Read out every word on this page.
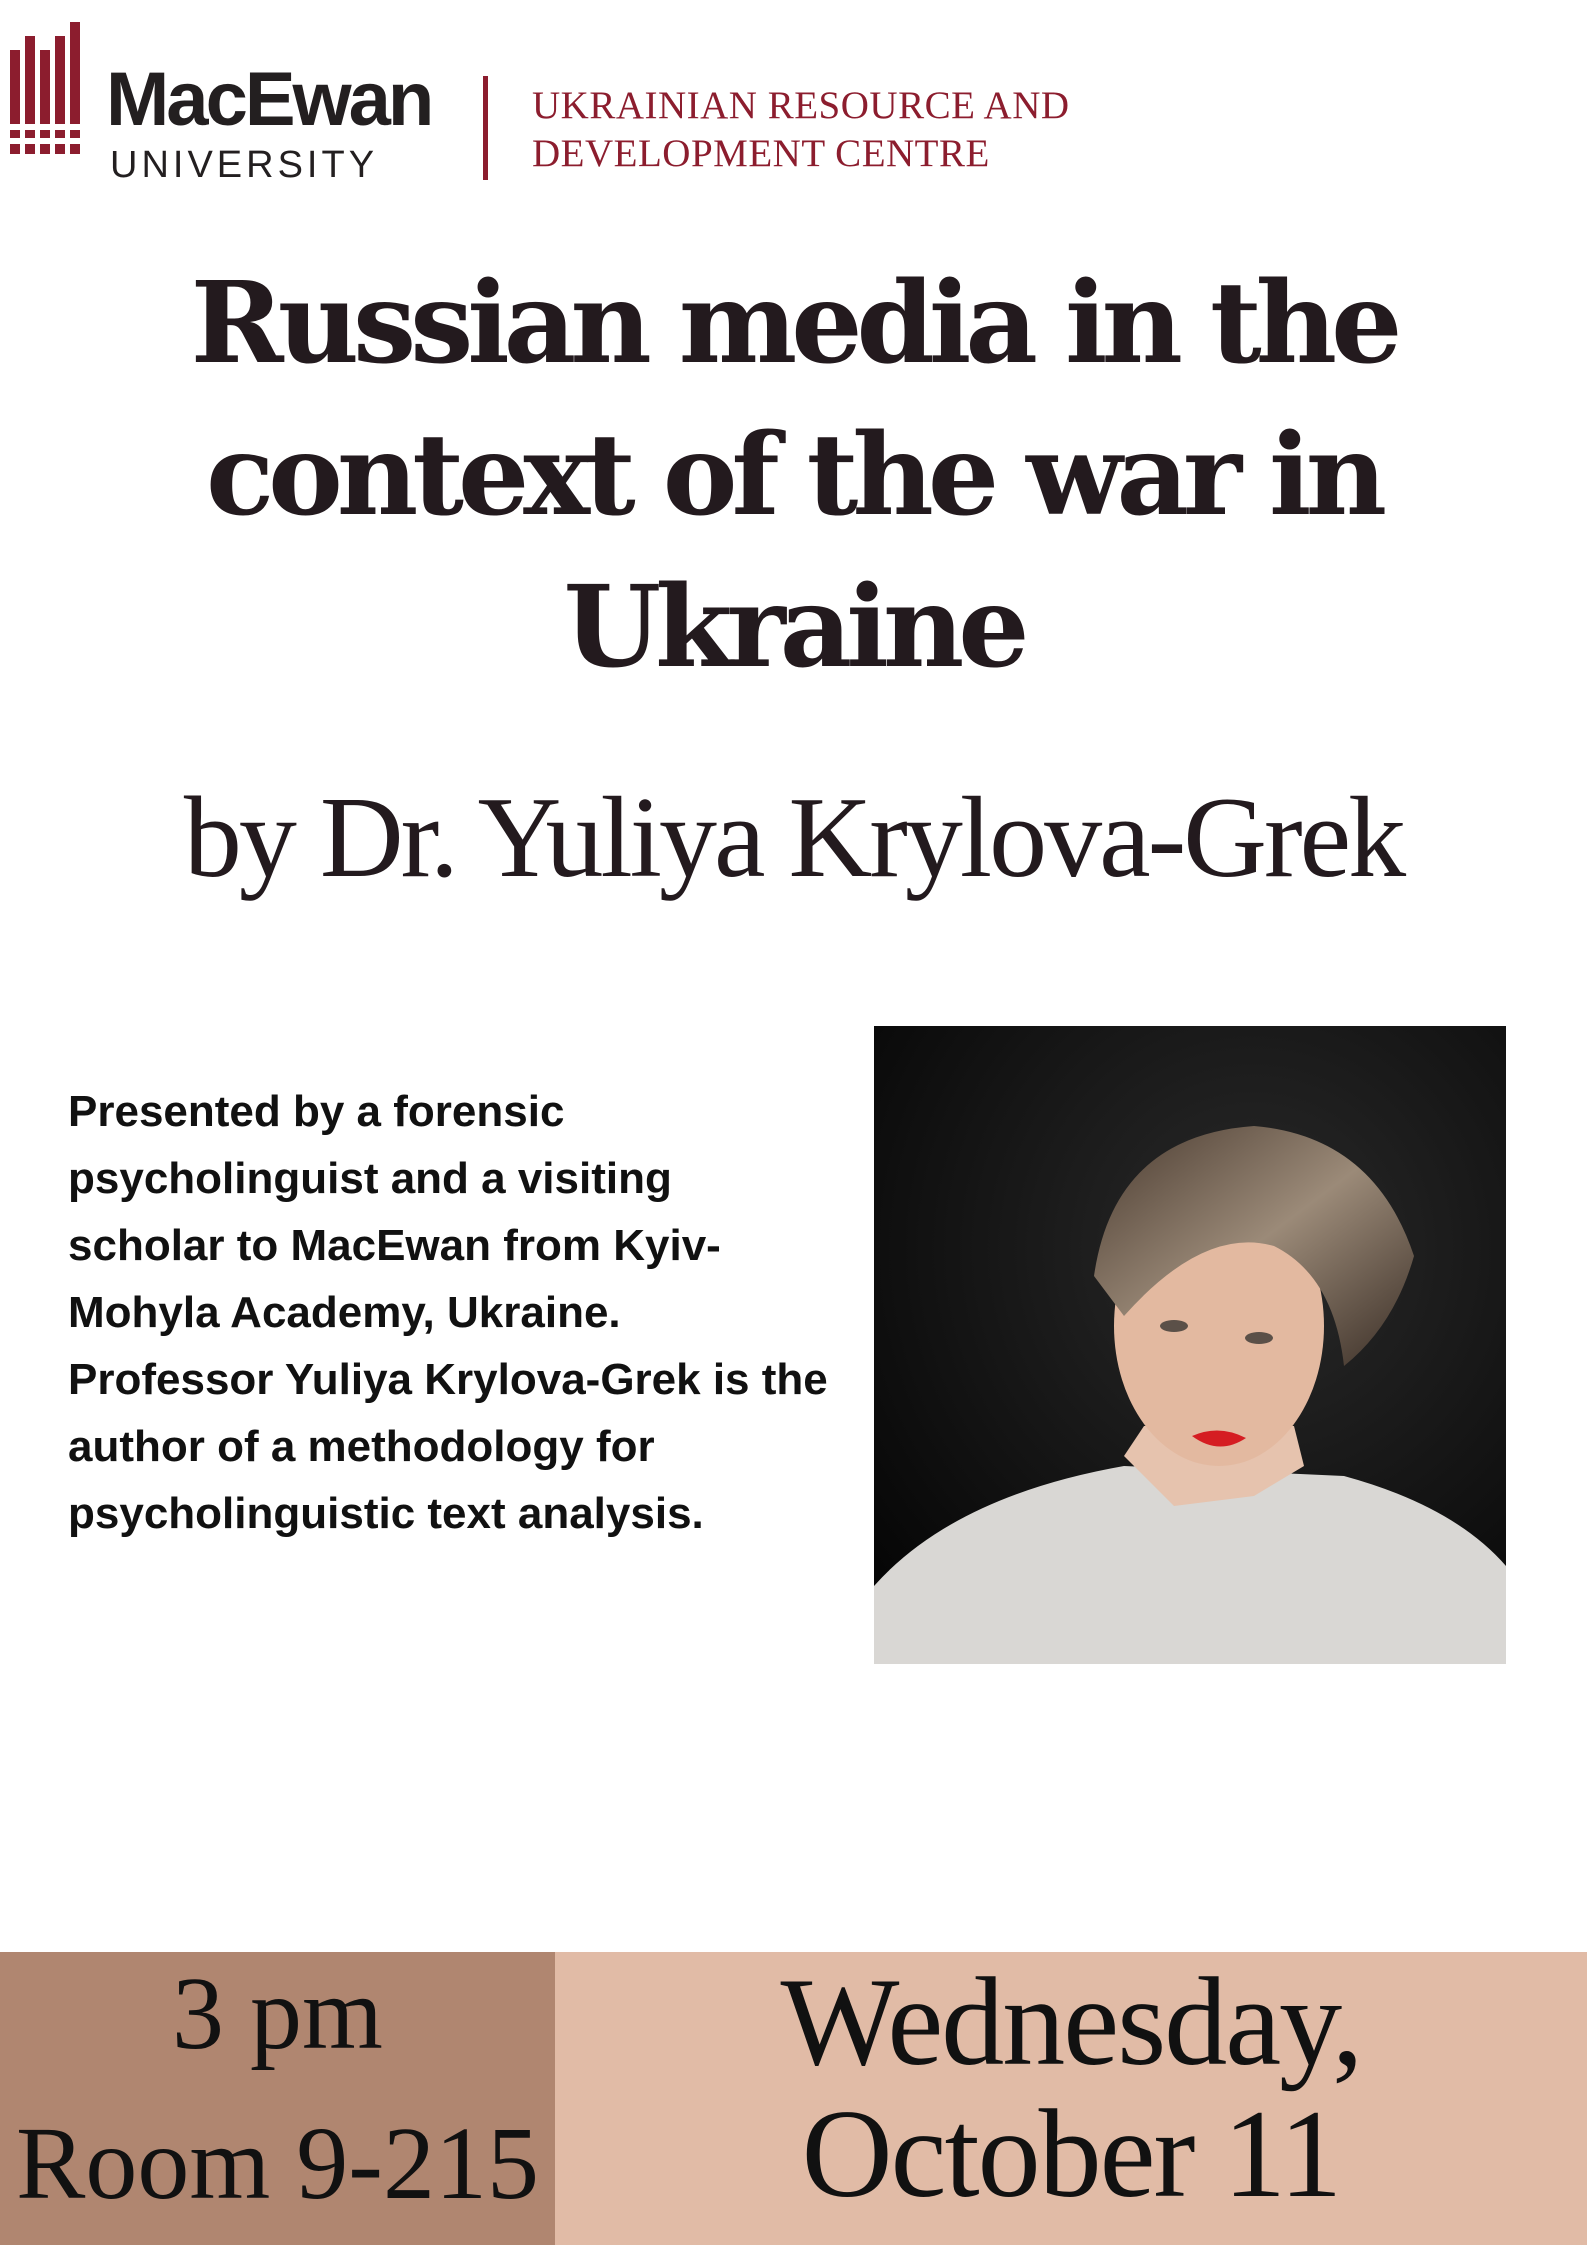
MacEwan
UNIVERSITY
UKRAINIAN RESOURCE AND
DEVELOPMENT CENTRE
Russian media in the
context of the war in
Ukraine
by Dr. Yuliya Krylova-Grek
Presented by a forensic psycholinguist and a visiting scholar to MacEwan from Kyiv-Mohyla Academy, Ukraine. Professor Yuliya Krylova-Grek is the author of a methodology for psycholinguistic text analysis.
3 pm
Room 9-215
Wednesday,
October 11
